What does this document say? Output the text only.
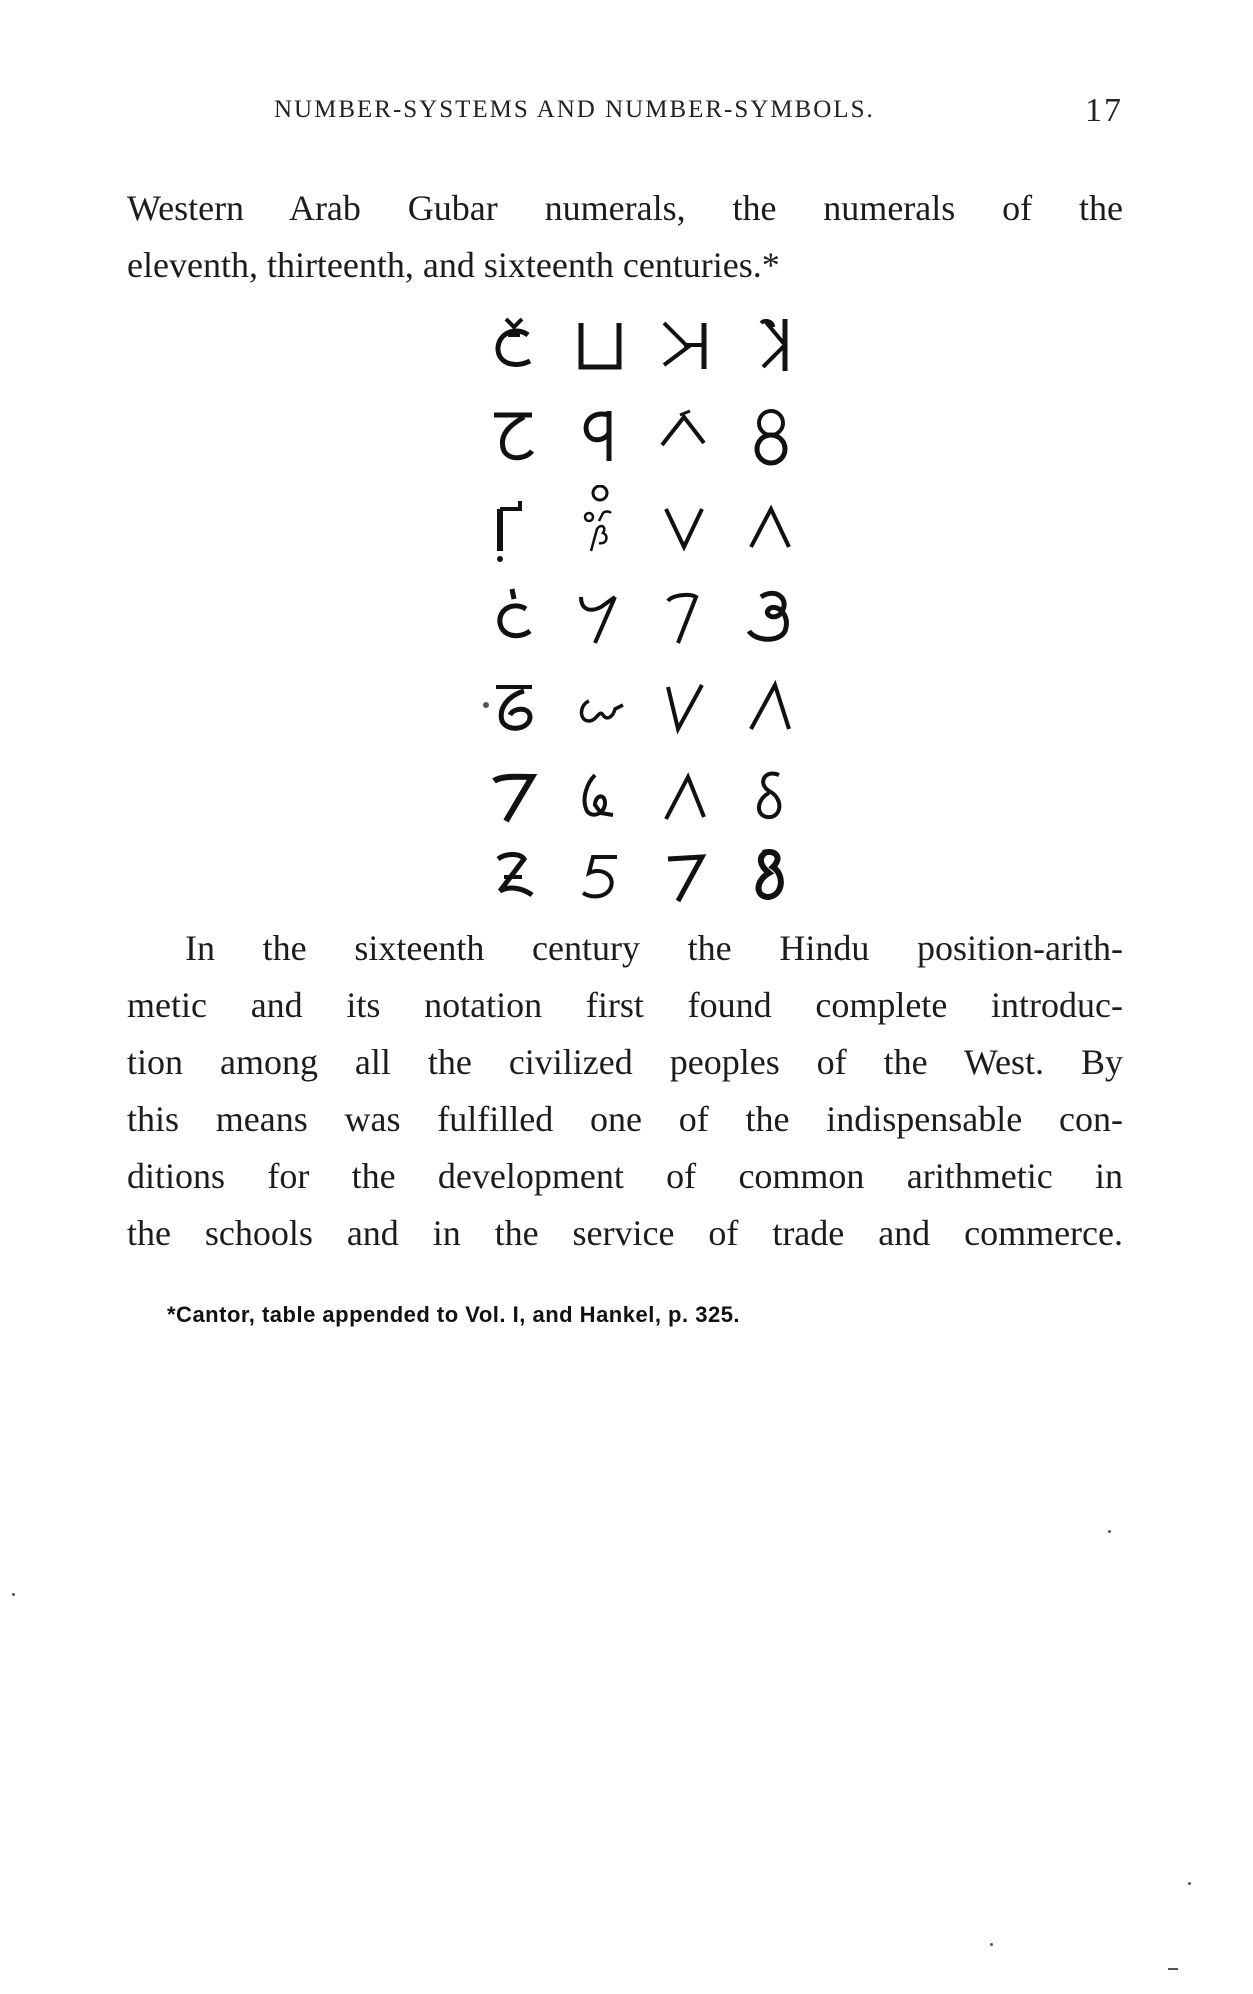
NUMBER-SYSTEMS AND NUMBER-SYMBOLS.	17
Western Arab Gubar numerals, the numerals of the
eleventh, thirteenth, and sixteenth centuries.*
In the sixteenth century the Hindu position-arith-
metic and its notation first found complete introduc-
tion among all the civilized peoples of the West. By
this means was fulfilled one of the indispensable con-
ditions for the development of common arithmetic in
the schools and in the service of trade and commerce.
*Cantor, table appended to Vol. I, and Hankel, p. 325.
